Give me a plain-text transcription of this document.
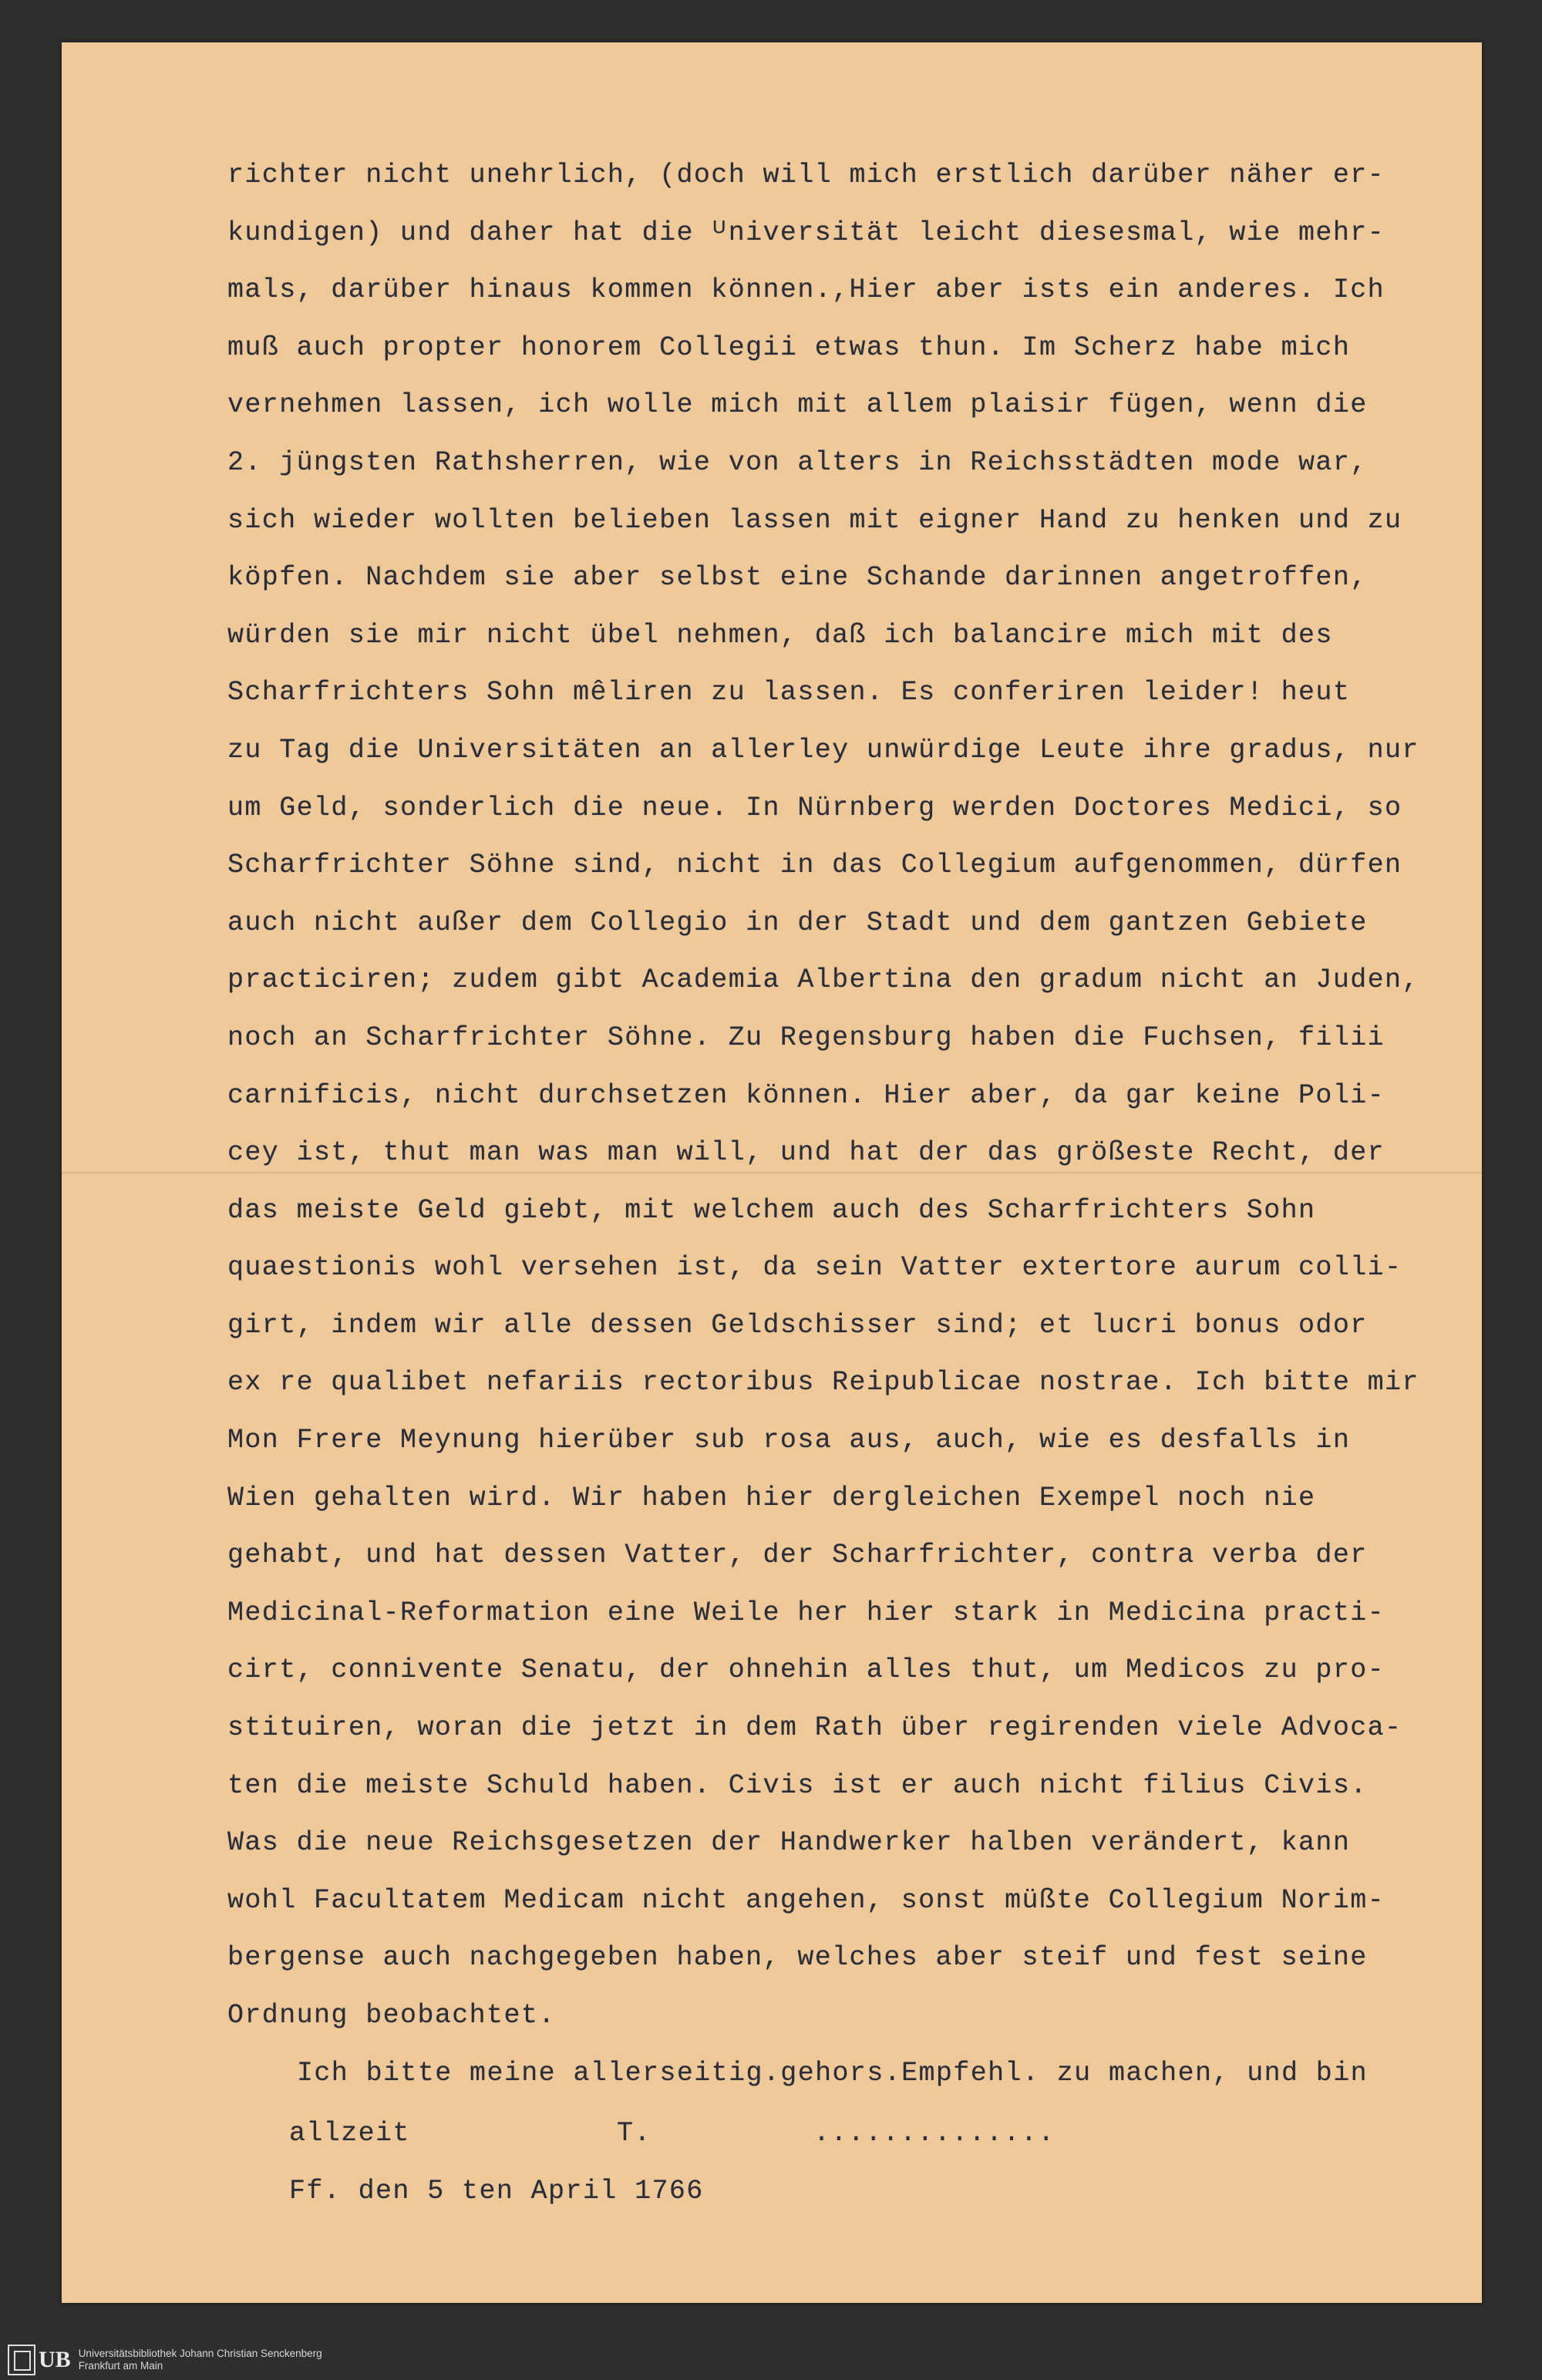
richter nicht unehrlich, (doch will mich erstlich darüber näher er-
kundigen) und daher hat die ᵁniversität leicht diesesmal, wie mehr-
mals, darüber hinaus kommen können.,Hier aber ists ein anderes. Ich
muß auch propter honorem Collegii etwas thun. Im Scherz habe mich
vernehmen lassen, ich wolle mich mit allem plaisir fügen, wenn die
2. jüngsten Rathsherren, wie von alters in Reichsstädten mode war,
sich wieder wollten belieben lassen mit eigner Hand zu henken und zu
köpfen. Nachdem sie aber selbst eine Schande darinnen angetroffen,
würden sie mir nicht übel nehmen, daß ich balancire mich mit des
Scharfrichters Sohn mêliren zu lassen. Es conferiren leider! heut
zu Tag die Universitäten an allerley unwürdige Leute ihre gradus, nur
um Geld, sonderlich die neue. In Nürnberg werden Doctores Medici, so
Scharfrichter Söhne sind, nicht in das Collegium aufgenommen, dürfen
auch nicht außer dem Collegio in der Stadt und dem gantzen Gebiete
practiciren; zudem gibt Academia Albertina den gradum nicht an Juden,
noch an Scharfrichter Söhne. Zu Regensburg haben die Fuchsen, filii
carnificis, nicht durchsetzen können. Hier aber, da gar keine Poli-
cey ist, thut man was man will, und hat der das größeste Recht, der
das meiste Geld giebt, mit welchem auch des Scharfrichters Sohn
quaestionis wohl versehen ist, da sein Vatter extertore aurum colli-
girt, indem wir alle dessen Geldschisser sind; et lucri bonus odor
ex re qualibet nefariis rectoribus Reipublicae nostrae. Ich bitte mir
Mon Frere Meynung hierüber sub rosa aus, auch, wie es desfalls in
Wien gehalten wird. Wir haben hier dergleichen Exempel noch nie
gehabt, und hat dessen Vatter, der Scharfrichter, contra verba der
Medicinal-Reformation eine Weile her hier stark in Medicina practi-
cirt, connivente Senatu, der ohnehin alles thut, um Medicos zu pro-
stituiren, woran die jetzt in dem Rath über regirenden viele Advoca-
ten die meiste Schuld haben. Civis ist er auch nicht filius Civis.
Was die neue Reichsgesetzen der Handwerker halben verändert, kann
wohl Facultatem Medicam nicht angehen, sonst müßte Collegium Norim-
bergense auch nachgegeben haben, welches aber steif und fest seine
Ordnung beobachtet.
Ich bitte meine allerseitig.gehors.Empfehl. zu machen, und bin

allzeit

	T.

	..............

Ff. den 5 ten April 1766
UB Universitätsbibliothek Johann Christian Senckenberg
Frankfurt am Main
